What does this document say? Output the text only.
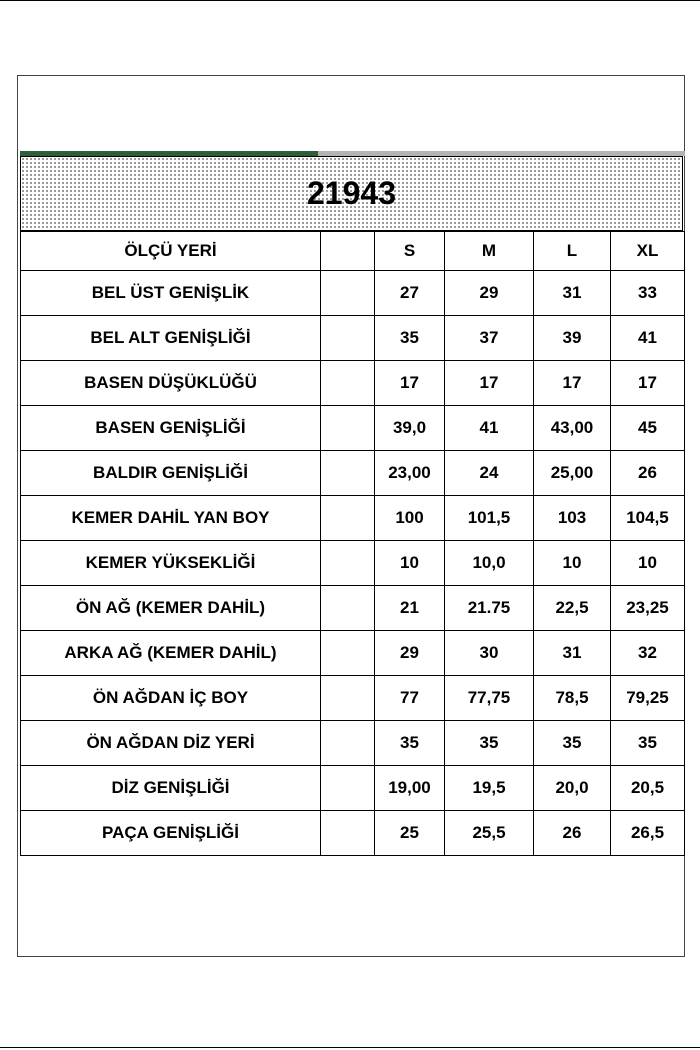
21943
ÖLÇÜ YERİ		S	M	L	XL
BEL ÜST GENİŞLİK		27	29	31	33
BEL ALT GENİŞLİĞİ		35	37	39	41
BASEN DÜŞÜKLÜĞÜ		17	17	17	17
BASEN GENİŞLİĞİ		39,0	41	43,00	45
BALDIR GENİŞLİĞİ		23,00	24	25,00	26
KEMER DAHİL YAN BOY		100	101,5	103	104,5
KEMER YÜKSEKLİĞİ		10	10,0	10	10
ÖN AĞ (KEMER DAHİL)		21	21.75	22,5	23,25
ARKA AĞ (KEMER DAHİL)		29	30	31	32
ÖN AĞDAN İÇ BOY		77	77,75	78,5	79,25
ÖN AĞDAN DİZ YERİ		35	35	35	35
DİZ GENİŞLİĞİ		19,00	19,5	20,0	20,5
PAÇA GENİŞLİĞİ		25	25,5	26	26,5
